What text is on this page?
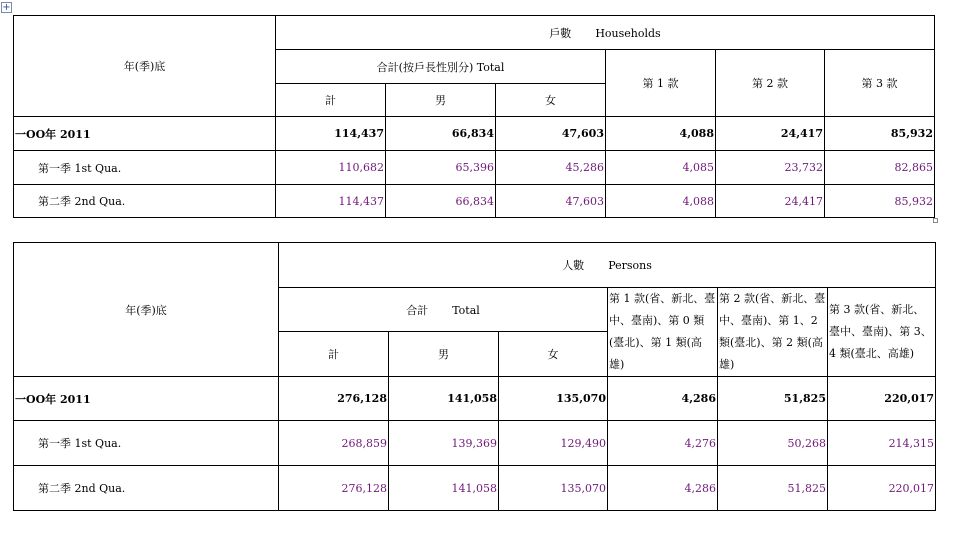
+
年(季)底	戶數 Households					
	合計(按戶長性別分) Total			第 1 款	第 2 款	第 3 款
	計	男	女			
一OO年 2011	114,437	66,834	47,603	4,088	24,417	85,932
第一季 1st Qua.	110,682	65,396	45,286	4,085	23,732	82,865
第二季 2nd Qua.	114,437	66,834	47,603	4,088	24,417	85,932
年(季)底	人數 Persons					
	合計 Total			第 1 款(省、新北、臺中、臺南)、第 0 類(臺北)、第 1 類(高雄)	第 2 款(省、新北、臺中、臺南)、第 1、2 類(臺北)、第 2 類(高雄)	第 3 款(省、新北、臺中、臺南)、第 3、4 類(臺北、高雄)
	計	男	女			
一OO年 2011	276,128	141,058	135,070	4,286	51,825	220,017
第一季 1st Qua.	268,859	139,369	129,490	4,276	50,268	214,315
第二季 2nd Qua.	276,128	141,058	135,070	4,286	51,825	220,017
